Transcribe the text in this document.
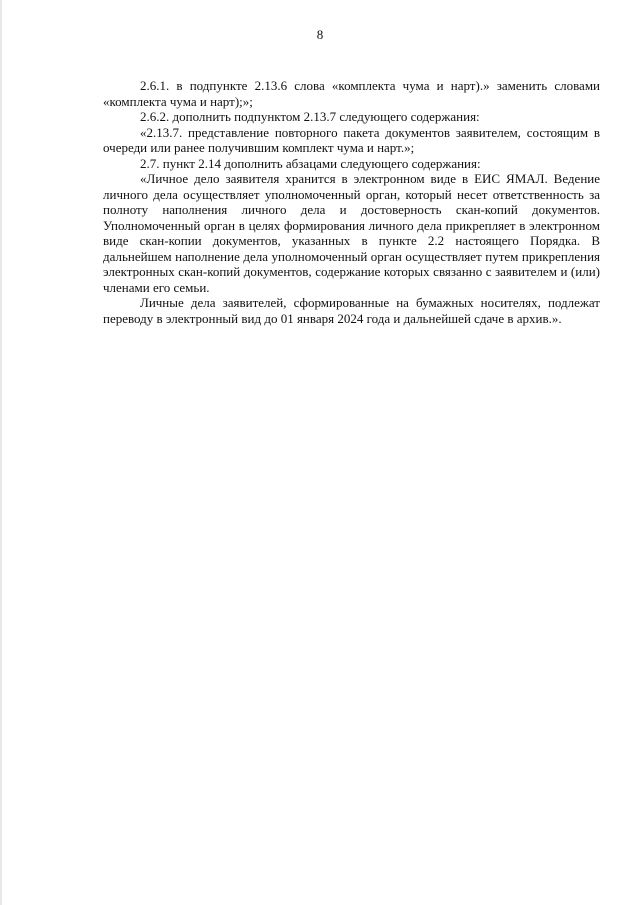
8

2.6.1. в подпункте 2.13.6 слова «комплекта чума и нарт).» заменить словами «комплекта чума и нарт);»;

2.6.2. дополнить подпунктом 2.13.7 следующего содержания:

«2.13.7. представление повторного пакета документов заявителем, состоящим в очереди или ранее получившим комплект чума и нарт.»;

2.7. пункт 2.14 дополнить абзацами следующего содержания:

«Личное дело заявителя хранится в электронном виде в ЕИС ЯМАЛ. Ведение личного дела осуществляет уполномоченный орган, который несет ответственность за полноту наполнения личного дела и достоверность скан-копий документов. Уполномоченный орган в целях формирования личного дела прикрепляет в электронном виде скан-копии документов, указанных в пункте 2.2 настоящего Порядка. В дальнейшем наполнение дела уполномоченный орган осуществляет путем прикрепления электронных скан-копий документов, содержание которых связанно с заявителем и (или) членами его семьи.

Личные дела заявителей, сформированные на бумажных носителях, подлежат переводу в электронный вид до 01 января 2024 года и дальнейшей сдаче в архив.».
